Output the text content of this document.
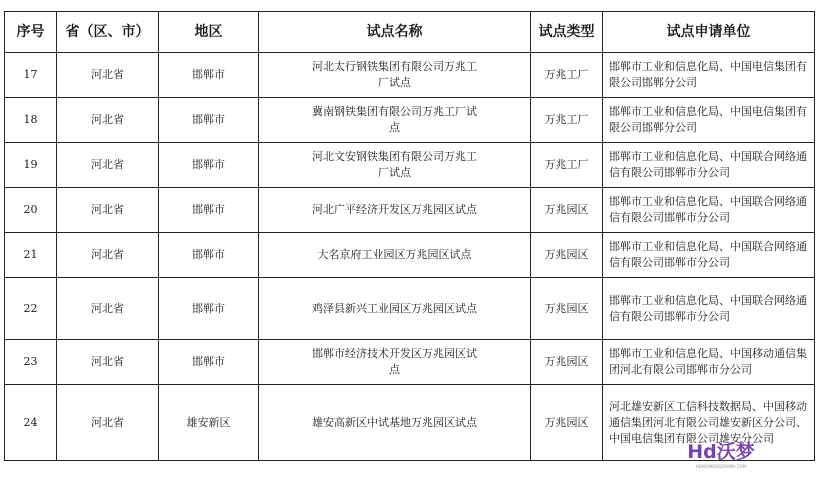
序号	省（区、市）	地区	试点名称	试点类型	试点申请单位
17	河北省	邯郸市	河北太行钢铁集团有限公司万兆工厂试点	万兆工厂	邯郸市工业和信息化局、中国电信集团有限公司邯郸分公司
18	河北省	邯郸市	冀南钢铁集团有限公司万兆工厂试点	万兆工厂	邯郸市工业和信息化局、中国电信集团有限公司邯郸分公司
19	河北省	邯郸市	河北文安钢铁集团有限公司万兆工厂试点	万兆工厂	邯郸市工业和信息化局、中国联合网络通信有限公司邯郸市分公司
20	河北省	邯郸市	河北广平经济开发区万兆园区试点	万兆园区	邯郸市工业和信息化局、中国联合网络通信有限公司邯郸市分公司
21	河北省	邯郸市	大名京府工业园区万兆园区试点	万兆园区	邯郸市工业和信息化局、中国联合网络通信有限公司邯郸市分公司
22	河北省	邯郸市	鸡泽县新兴工业园区万兆园区试点	万兆园区	邯郸市工业和信息化局、中国联合网络通信有限公司邯郸市分公司
23	河北省	邯郸市	邯郸市经济技术开发区万兆园区试点	万兆园区	邯郸市工业和信息化局、中国移动通信集团河北有限公司邯郸市分公司
24	河北省	雄安新区	雄安高新区中试基地万兆园区试点	万兆园区	河北雄安新区工信科技数据局、中国移动通信集团河北有限公司雄安新区分公司、中国电信集团有限公司雄安分公司
Hd沃梦
HDWOMENGDRAMA.COM
